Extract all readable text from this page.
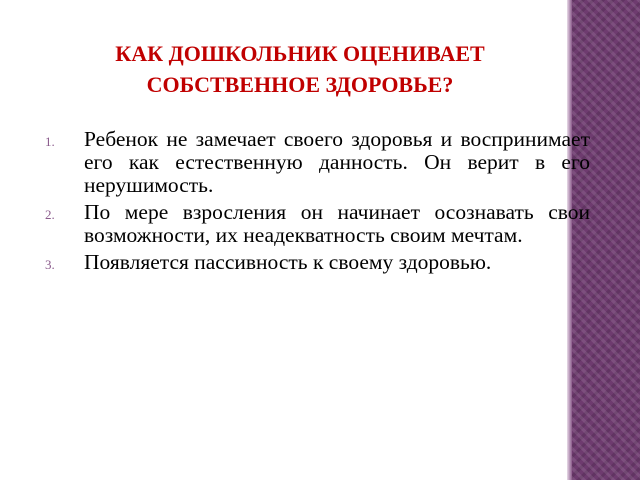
КАК ДОШКОЛЬНИК ОЦЕНИВАЕТ
СОБСТВЕННОЕ ЗДОРОВЬЕ?
1. Ребенок не замечает своего здоровья и воспринимает его как естественную данность. Он верит в его нерушимость.
2. По мере взросления он начинает осознавать свои возможности, их неадекватность своим мечтам.
3. Появляется пассивность к своему здоровью.
